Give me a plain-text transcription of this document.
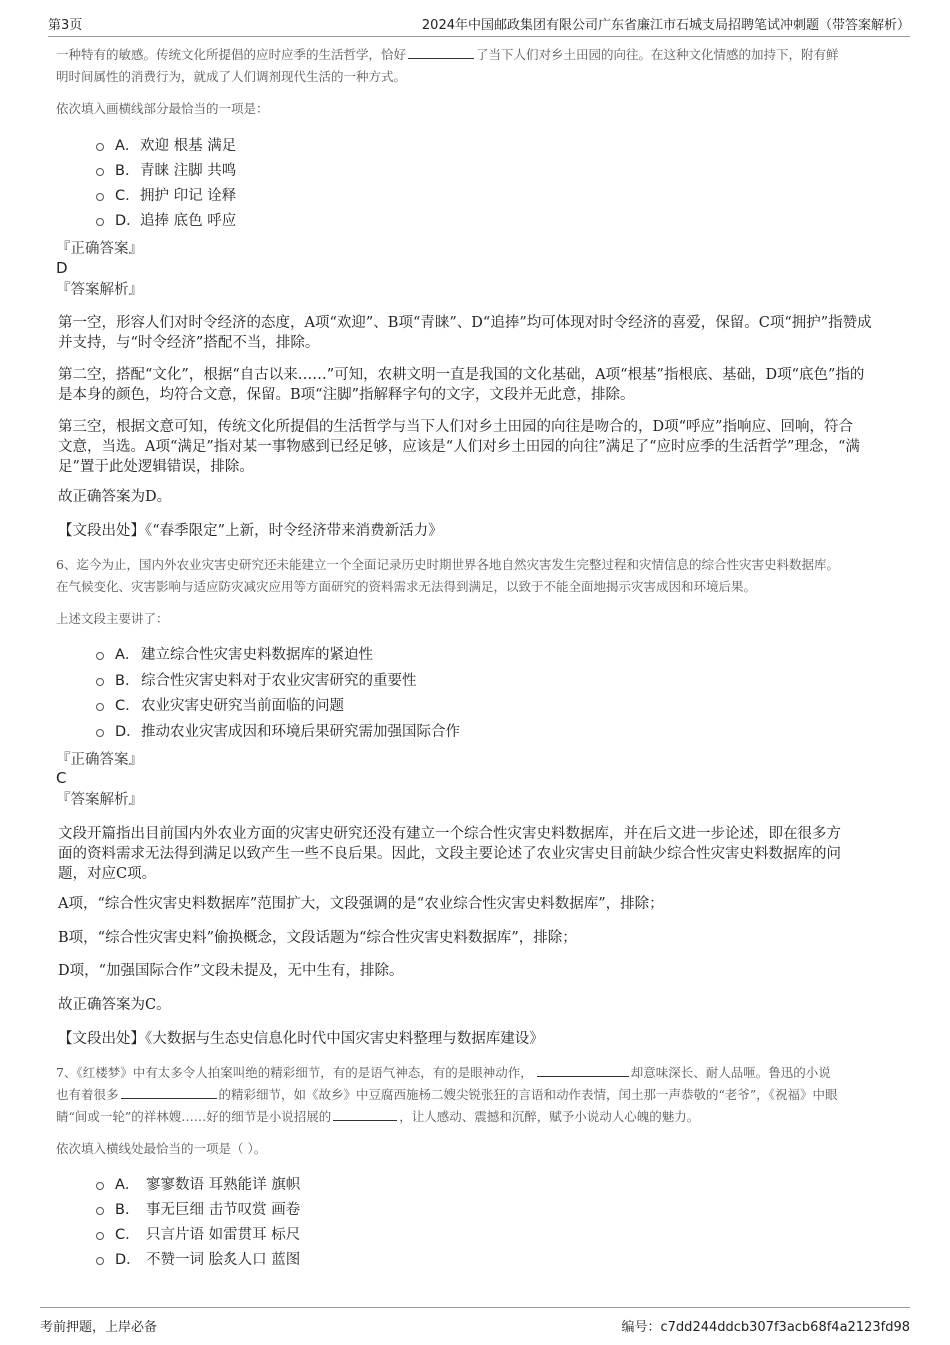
第3页	2024年中国邮政集团有限公司广东省廉江市石城支局招聘笔试冲刺题（带答案解析）
一种特有的敏感。传统文化所提倡的应时应季的生活哲学，恰好	了当下人们对乡土田园的向往。在这种文化情感的加持下，附有鲜
明时间属性的消费行为，就成了人们调剂现代生活的一种方式。
依次填入画横线部分最恰当的一项是：
A． 欢迎 根基 满足
B． 青睐 注脚 共鸣
C． 拥护 印记 诠释
D． 追捧 底色 呼应
『正确答案』
D
『答案解析』
第一空，形容人们对时令经济的态度，A项“欢迎”、B项“青睐”、D“追捧”均可体现对时令经济的喜爱，保留。C项“拥护”指赞成
并支持，与“时令经济”搭配不当，排除。
第二空，搭配“文化”，根据“自古以来……”可知，农耕文明一直是我国的文化基础，A项“根基”指根底、基础，D项“底色”指的
是本身的颜色，均符合文意，保留。B项“注脚”指解释字句的文字，文段并无此意，排除。
第三空，根据文意可知，传统文化所提倡的生活哲学与当下人们对乡土田园的向往是吻合的，D项“呼应”指响应、回响，符合
文意，当选。A项“满足”指对某一事物感到已经足够，应该是“人们对乡土田园的向往”满足了“应时应季的生活哲学”理念，“满
足”置于此处逻辑错误，排除。
故正确答案为D。
【文段出处】《“春季限定”上新，时令经济带来消费新活力》
6、迄今为止，国内外农业灾害史研究还未能建立一个全面记录历史时期世界各地自然灾害发生完整过程和灾情信息的综合性灾害史料数据库。
在气候变化、灾害影响与适应防灾减灾应用等方面研究的资料需求无法得到满足，以致于不能全面地揭示灾害成因和环境后果。
上述文段主要讲了：
A． 建立综合性灾害史料数据库的紧迫性
B． 综合性灾害史料对于农业灾害研究的重要性
C． 农业灾害史研究当前面临的问题
D． 推动农业灾害成因和环境后果研究需加强国际合作
『正确答案』
C
『答案解析』
文段开篇指出目前国内外农业方面的灾害史研究还没有建立一个综合性灾害史料数据库，并在后文进一步论述，即在很多方
面的资料需求无法得到满足以致产生一些不良后果。因此，文段主要论述了农业灾害史目前缺少综合性灾害史料数据库的问
题，对应C项。
A项，“综合性灾害史料数据库”范围扩大，文段强调的是“农业综合性灾害史料数据库”，排除；
B项，“综合性灾害史料”偷换概念，文段话题为“综合性灾害史料数据库”，排除；
D项，“加强国际合作”文段未提及，无中生有，排除。
故正确答案为C。
【文段出处】《大数据与生态史信息化时代中国灾害史料整理与数据库建设》
7、《红楼梦》中有太多令人拍案叫绝的精彩细节，有的是语气神态，有的是眼神动作，	却意味深长、耐人品咂。鲁迅的小说
也有着很多	的精彩细节，如《故乡》中豆腐西施杨二嫂尖锐张狂的言语和动作表情，闰土那一声恭敬的“老爷”，《祝福》中眼
睛“间或一轮”的祥林嫂……好的细节是小说招展的	，让人感动、震撼和沉醉，赋予小说动人心魄的魅力。
依次填入横线处最恰当的一项是（ ）。
A． 寥寥数语 耳熟能详 旗帜
B． 事无巨细 击节叹赏 画卷
C． 只言片语 如雷贯耳 标尺
D． 不赞一词 脍炙人口 蓝图
考前押题，上岸必备	编号：c7dd244ddcb307f3acb68f4a2123fd98
